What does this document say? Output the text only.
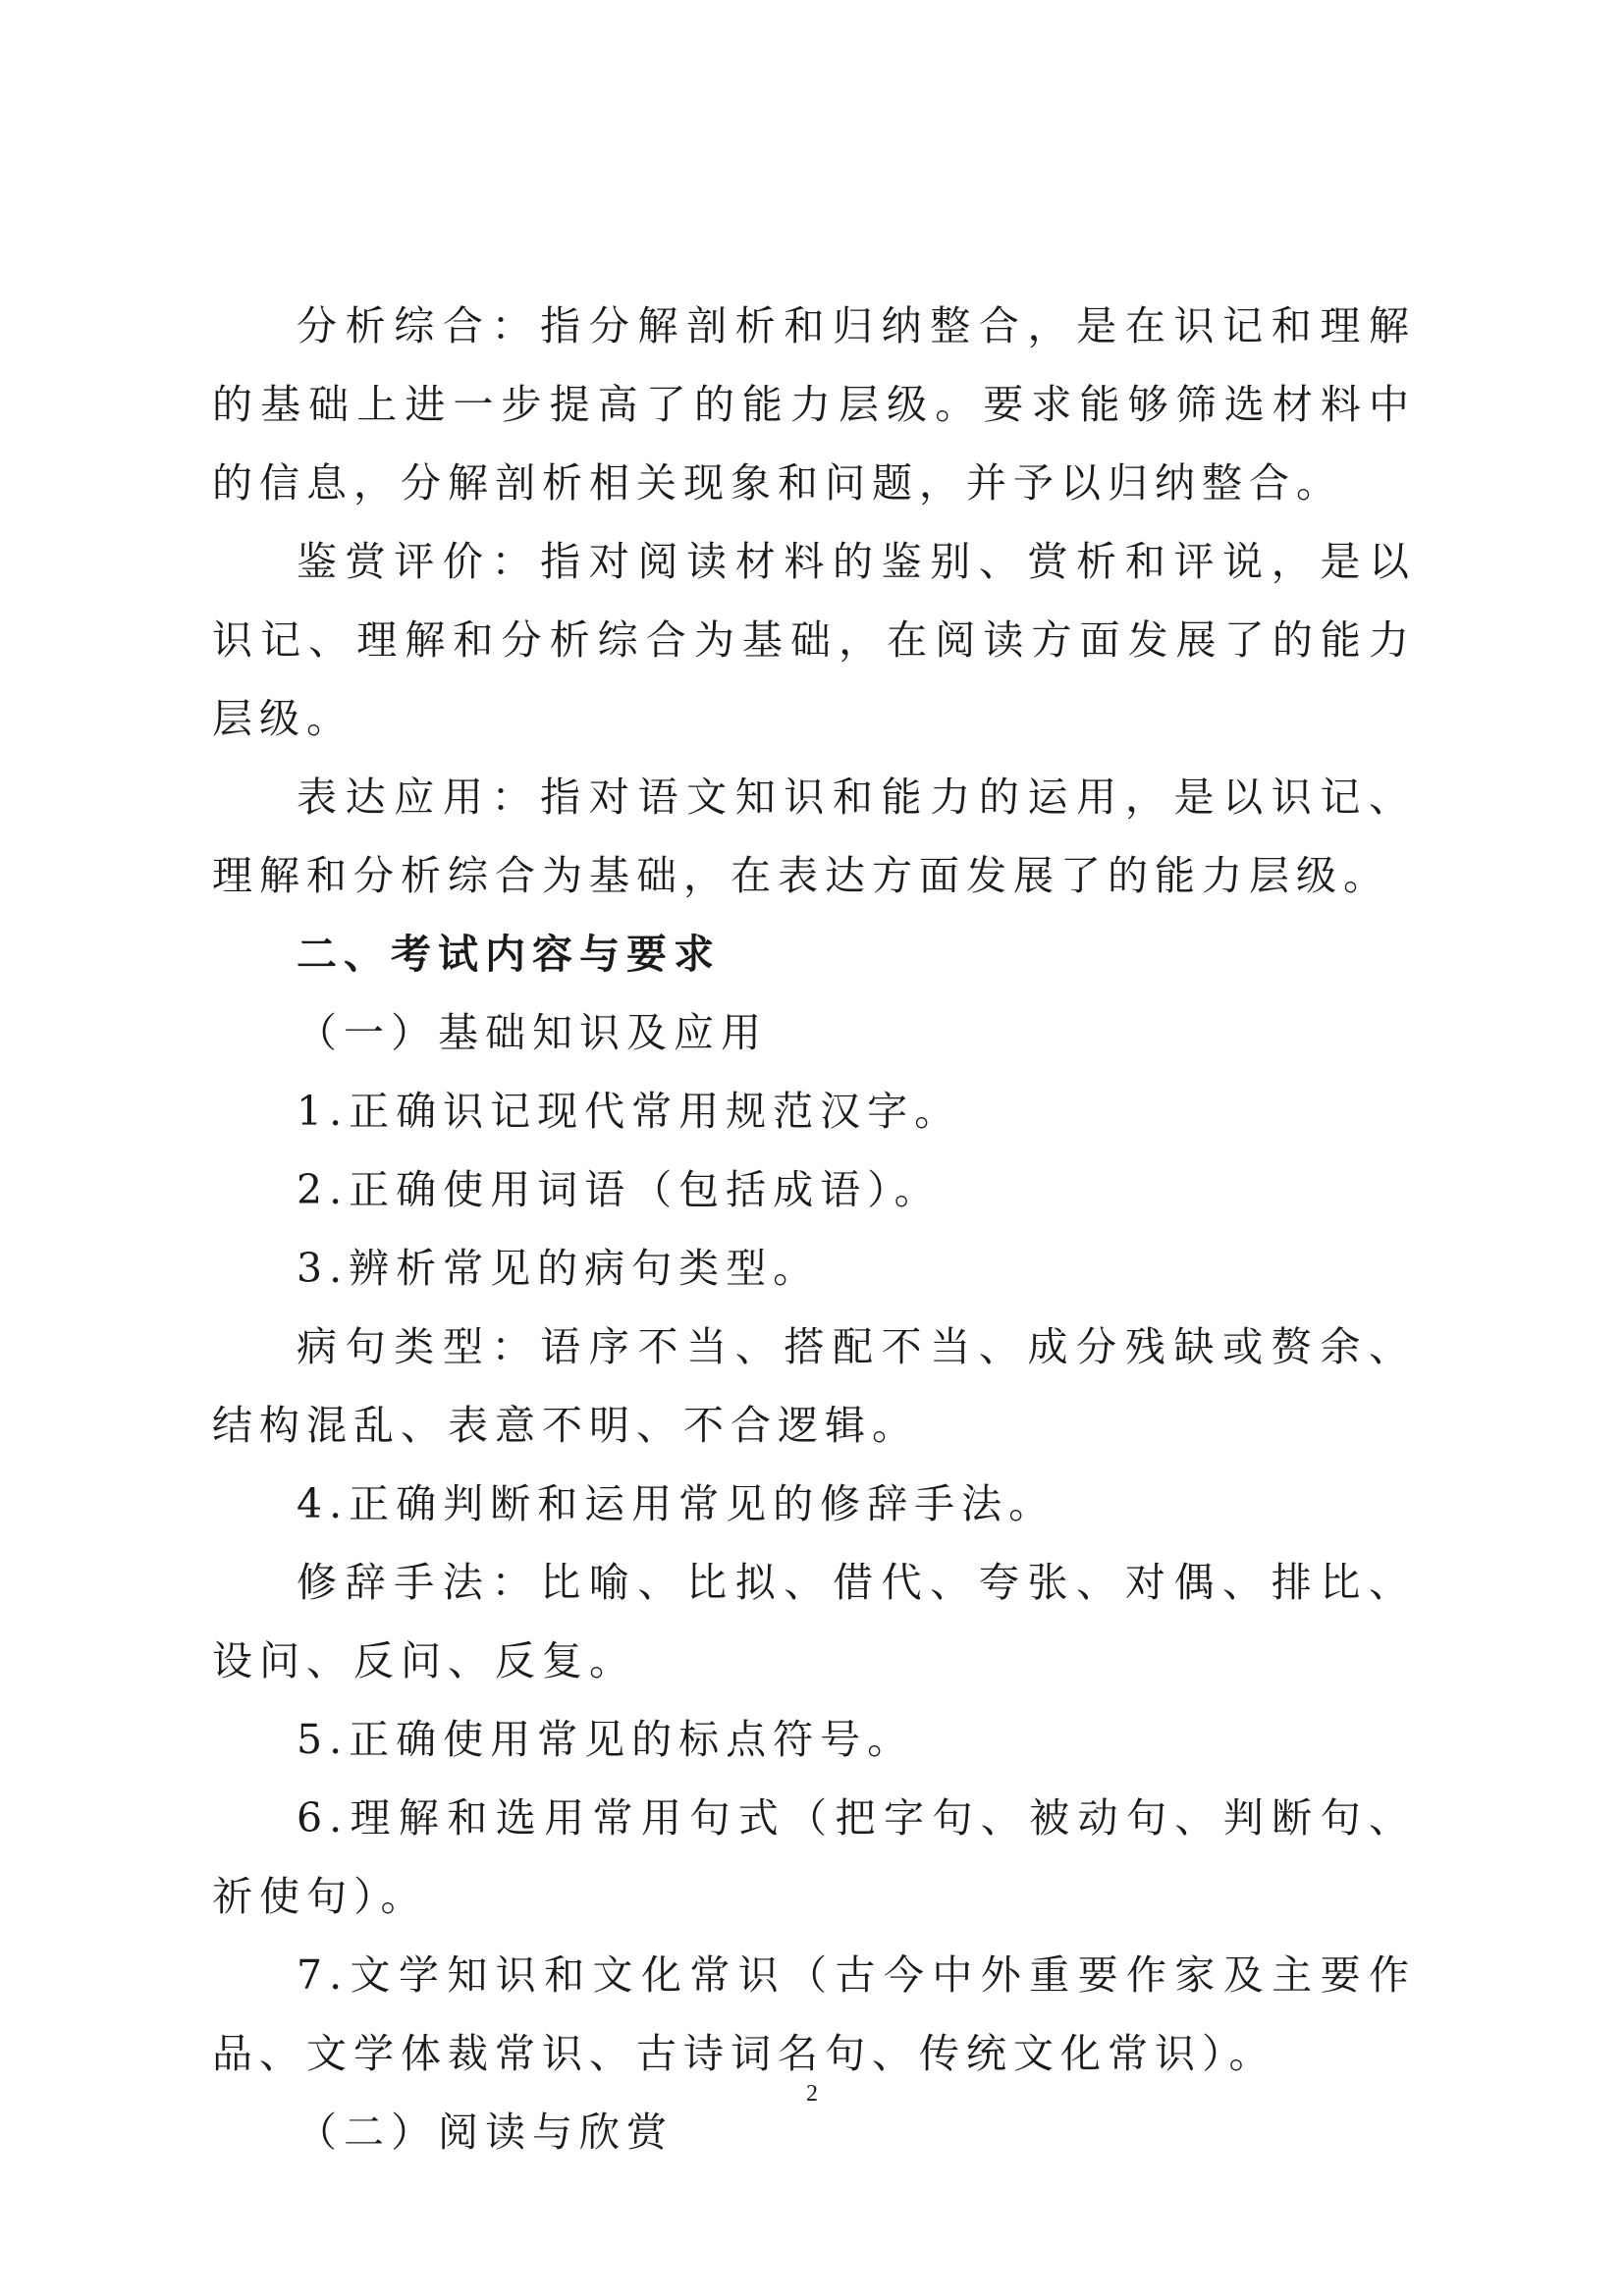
分析综合：指分解剖析和归纳整合，是在识记和理解的基础上进一步提高了的能力层级。要求能够筛选材料中的信息，分解剖析相关现象和问题，并予以归纳整合。

鉴赏评价：指对阅读材料的鉴别、赏析和评说，是以识记、理解和分析综合为基础，在阅读方面发展了的能力层级。

表达应用：指对语文知识和能力的运用，是以识记、理解和分析综合为基础，在表达方面发展了的能力层级。

二、考试内容与要求

（一）基础知识及应用

1.正确识记现代常用规范汉字。

2.正确使用词语（包括成语）。

3.辨析常见的病句类型。

病句类型：语序不当、搭配不当、成分残缺或赘余、结构混乱、表意不明、不合逻辑。

4.正确判断和运用常见的修辞手法。

修辞手法：比喻、比拟、借代、夸张、对偶、排比、设问、反问、反复。

5.正确使用常见的标点符号。

6.理解和选用常用句式（把字句、被动句、判断句、祈使句）。

7.文学知识和文化常识（古今中外重要作家及主要作品、文学体裁常识、古诗词名句、传统文化常识）。

（二）阅读与欣赏

2
